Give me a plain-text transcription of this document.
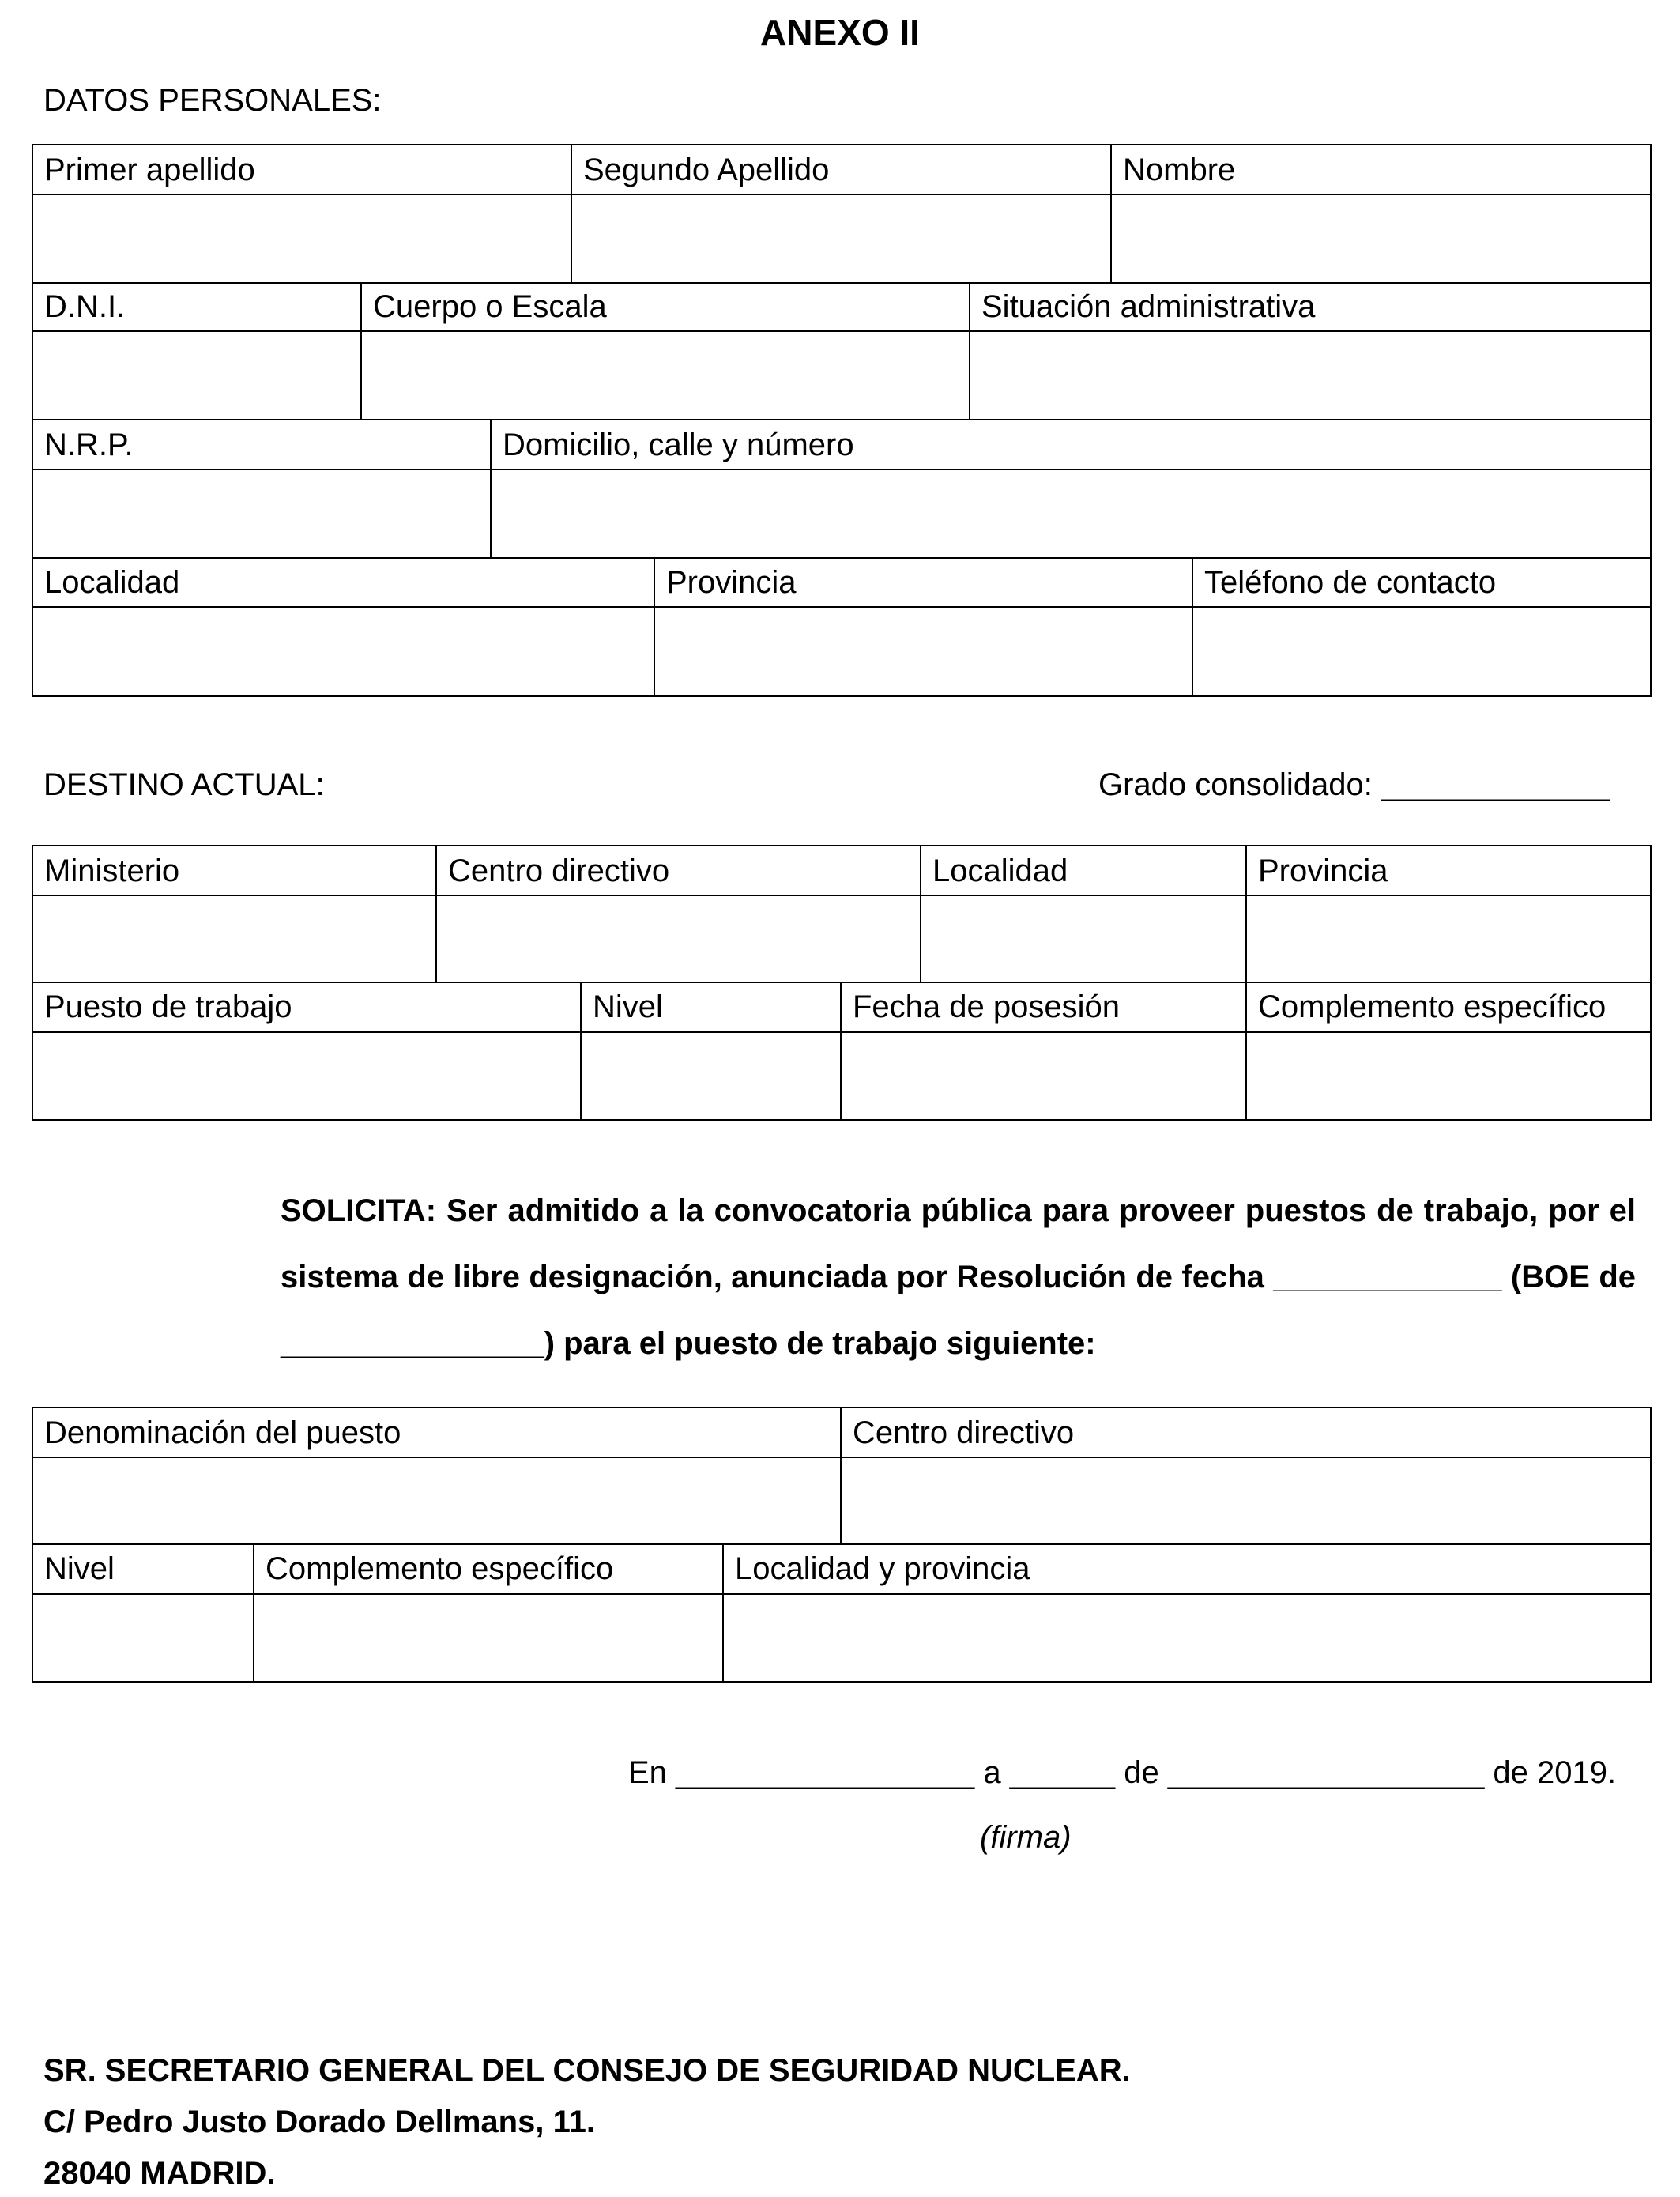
ANEXO II
DATOS PERSONALES:
Primer apellido	Segundo Apellido	Nombre
D.N.I.	Cuerpo o Escala	Situación administrativa
N.R.P.	Domicilio, calle y número
Localidad	Provincia	Teléfono de contacto
DESTINO ACTUAL:	Grado consolidado: _____________
Ministerio	Centro directivo	Localidad	Provincia
Puesto de trabajo	Nivel	Fecha de posesión	Complemento específico
SOLICITA: Ser admitido a la convocatoria pública para proveer puestos de trabajo, por el
sistema de libre designación, anunciada por Resolución de fecha _____________ (BOE de
_______________) para el puesto de trabajo siguiente:
Denominación del puesto	Centro directivo
Nivel	Complemento específico	Localidad y provincia
En _________________ a ______ de __________________ de 2019.
(firma)
SR. SECRETARIO GENERAL DEL CONSEJO DE SEGURIDAD NUCLEAR.
C/ Pedro Justo Dorado Dellmans, 11.
28040 MADRID.
